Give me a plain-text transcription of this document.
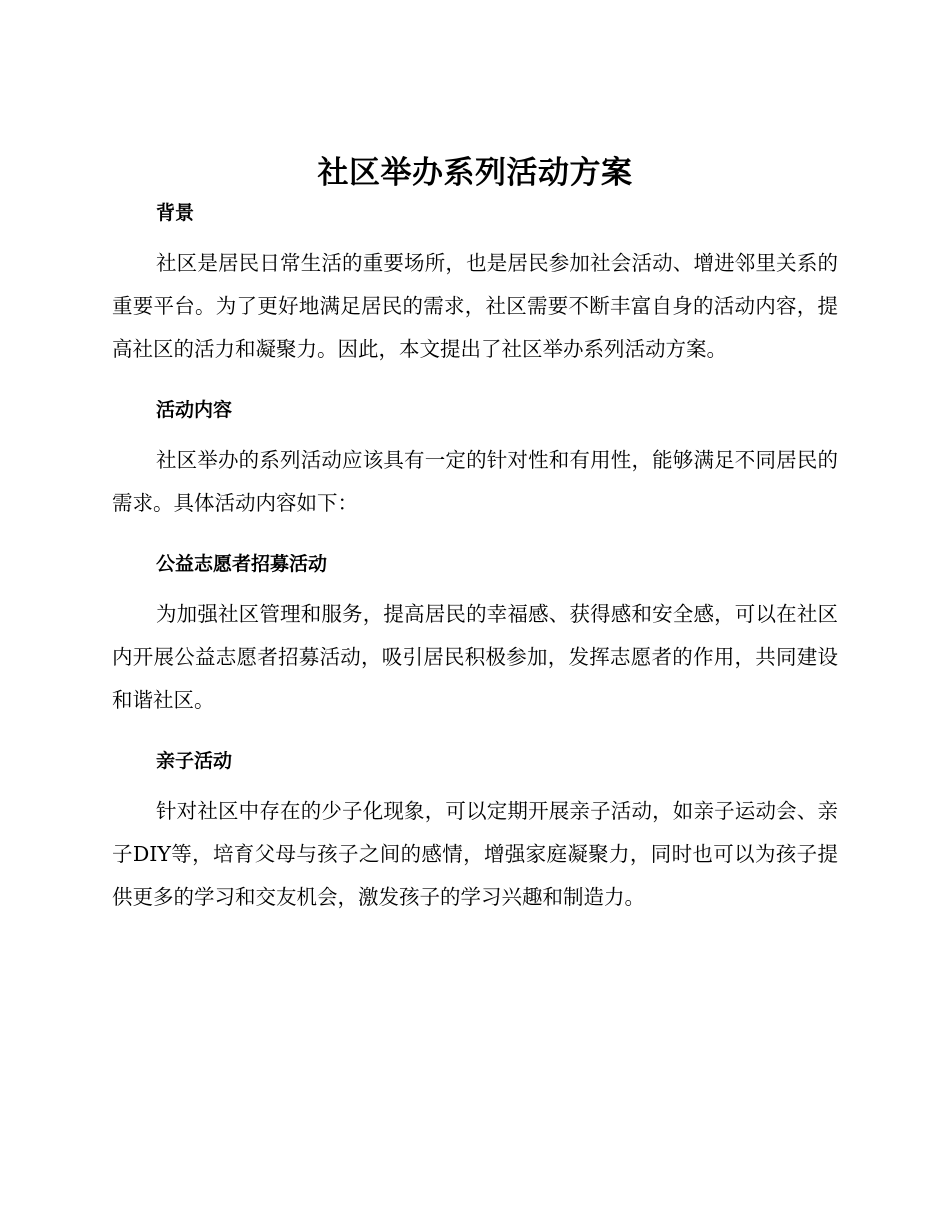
社区举办系列活动方案
背景

社区是居民日常生活的重要场所，也是居民参加社会活动、增进邻里关系的重要平台。为了更好地满足居民的需求，社区需要不断丰富自身的活动内容，提高社区的活力和凝聚力。因此，本文提出了社区举办系列活动方案。

活动内容

社区举办的系列活动应该具有一定的针对性和有用性，能够满足不同居民的需求。具体活动内容如下：

公益志愿者招募活动

为加强社区管理和服务，提高居民的幸福感、获得感和安全感，可以在社区内开展公益志愿者招募活动，吸引居民积极参加，发挥志愿者的作用，共同建设和谐社区。

亲子活动

针对社区中存在的少子化现象，可以定期开展亲子活动，如亲子运动会、亲子DIY等，培育父母与孩子之间的感情，增强家庭凝聚力，同时也可以为孩子提供更多的学习和交友机会，激发孩子的学习兴趣和制造力。
